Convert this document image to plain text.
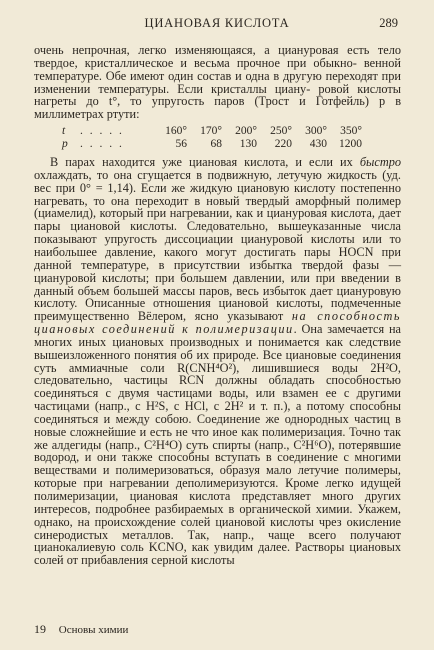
ЦИАНОВАЯ КИСЛОТА	289

очень непрочная, легко изменяющаяся, а циануровая есть тело твердое, кристаллическое и весьма прочное при обыкно- венной температуре. Обе имеют один состав и одна в другую переходят при изменении температуры. Если кристаллы циану- ровой кислоты нагреты до t°, то упругость паров (Трост и Готфейль) p в миллиметрах ртути:

t	. . . . .	160°	170°	200°	250°	300°	350°
p	. . . . .	56	68	130	220	430	1200

В парах находится уже циановая кислота, и если их быстро охлаждать, то она сгущается в подвижную, летучую жидкость (уд. вес при 0° = 1,14). Если же жидкую циановую кислоту постепенно нагревать, то она переходит в новый твердый аморфный полимер (циамелид), который при нагревании, как и циануровая кислота, дает пары циановой кислоты. Следовательно, вышеуказанные числа показывают упругость диссоциации циануровой кислоты или то наибольшее давление, какого могут достигать пары HOCN при данной температуре, в присутствии избытка твердой фазы — циануровой кислоты; при большем давлении, или при введении в данный объем большей массы паров, весь избыток дает циануровую кислоту. Описанные отношения циановой кислоты, подмеченные преимущественно Вёлером, ясно указывают на способность циановых соединений к полимеризации. Она замечается на многих иных циановых производных и понимается как следствие вышеизложенного понятия об их природе. Все циановые соединения суть аммиачные соли R(CNH⁴O²), лишившиеся воды 2H²O, следовательно, частицы RCN должны обладать способностью соединяться с двумя частицами воды, или взамен ее с другими частицами (напр., с H²S, с HCl, с 2H² и т. п.), а потому способны соединяться и между собою. Соединение же однородных частиц в новые сложнейшие и есть не что иное как полимеризация. Точно так же алдегиды (напр., C²H⁴O) суть спирты (напр., C²H⁶O), потерявшие водород, и они также способны вступать в соединение с многими веществами и полимеризоваться, образуя мало летучие полимеры, которые при нагревании деполимеризуются. Кроме легко идущей полимеризации, циановая кислота представляет много других интересов, подробнее разбираемых в органической химии. Укажем, однако, на происхождение солей циановой кислоты чрез окисление синеродистых металлов. Так, напр., чаще всего получают цианокалиевую соль KCNO, как увидим далее. Растворы циановых солей от прибавления серной кислоты

19 Основы химии
